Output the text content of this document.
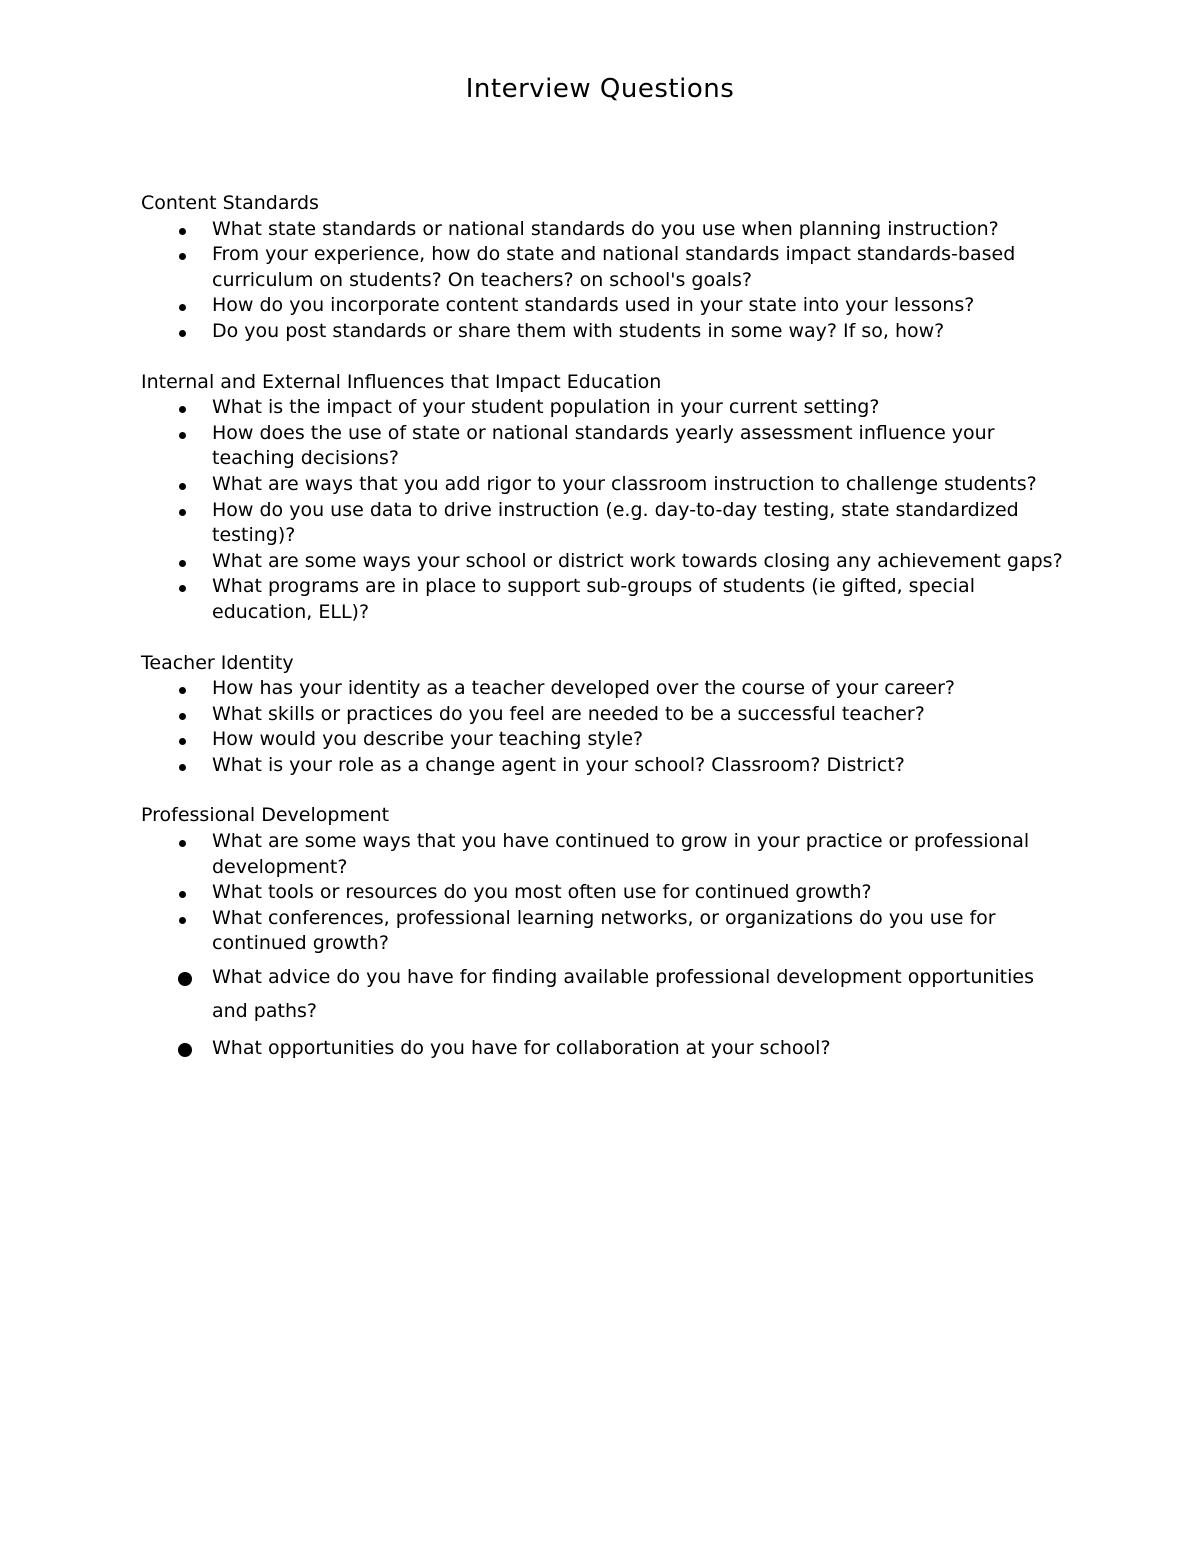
Interview Questions
Content Standards
What state standards or national standards do you use when planning instruction?
From your experience, how do state and national standards impact standards-based curriculum on students? On teachers? on school's goals?
How do you incorporate content standards used in your state into your lessons?
Do you post standards or share them with students in some way? If so, how?
Internal and External Influences that Impact Education
What is the impact of your student population in your current setting?
How does the use of state or national standards yearly assessment influence your teaching decisions?
What are ways that you add rigor to your classroom instruction to challenge students?
How do you use data to drive instruction (e.g. day-to-day testing, state standardized testing)?
What are some ways your school or district work towards closing any achievement gaps?
What programs are in place to support sub-groups of students (ie gifted, special education, ELL)?
Teacher Identity
How has your identity as a teacher developed over the course of your career?
What skills or practices do you feel are needed to be a successful teacher?
How would you describe your teaching style?
What is your role as a change agent in your school? Classroom? District?
Professional Development
What are some ways that you have continued to grow in your practice or professional development?
What tools or resources do you most often use for continued growth?
What conferences, professional learning networks, or organizations do you use for continued growth?
What advice do you have for finding available professional development opportunities and paths?
What opportunities do you have for collaboration at your school?
